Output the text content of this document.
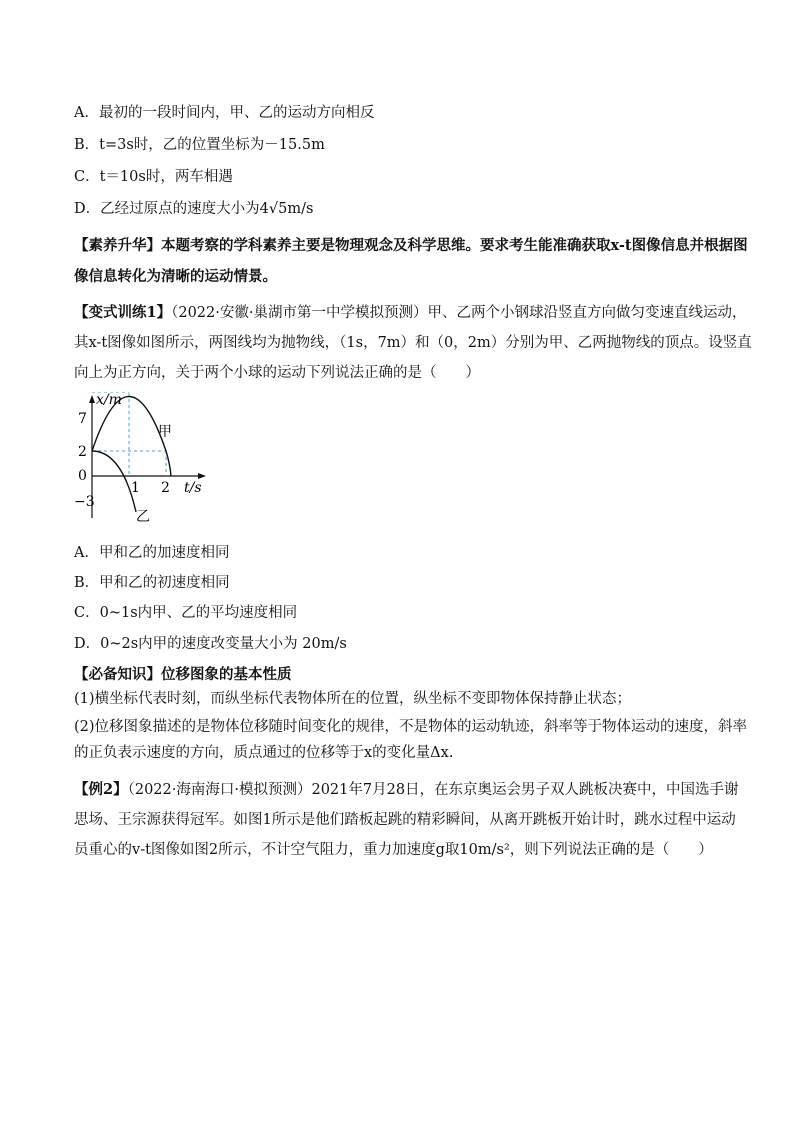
A．最初的一段时间内，甲、乙的运动方向相反
B．t=3s时，乙的位置坐标为－15.5m
C．t＝10s时，两车相遇
D．乙经过原点的速度大小为4√5m/s
【素养升华】本题考察的学科素养主要是物理观念及科学思维。要求考生能准确获取x-t图像信息并根据图
像信息转化为清晰的运动情景。
【变式训练1】（2022·安徽·巢湖市第一中学模拟预测）甲、乙两个小钢球沿竖直方向做匀变速直线运动，
其x-t图像如图所示，两图线均为抛物线，（1s，7m）和（0，2m）分别为甲、乙两抛物线的顶点。设竖直
向上为正方向，关于两个小球的运动下列说法正确的是（　　）
x/m
7
2
0
−3
1 2 t/s
甲
乙
A．甲和乙的加速度相同
B．甲和乙的初速度相同
C．0~1s内甲、乙的平均速度相同
D．0~2s内甲的速度改变量大小为 20m/s
【必备知识】位移图象的基本性质
(1)横坐标代表时刻，而纵坐标代表物体所在的位置，纵坐标不变即物体保持静止状态；
(2)位移图象描述的是物体位移随时间变化的规律，不是物体的运动轨迹，斜率等于物体运动的速度，斜率
的正负表示速度的方向，质点通过的位移等于x的变化量Δx.
【例2】（2022·海南海口·模拟预测）2021年7月28日，在东京奥运会男子双人跳板决赛中，中国选手谢
思场、王宗源获得冠军。如图1所示是他们踏板起跳的精彩瞬间，从离开跳板开始计时，跳水过程中运动
员重心的v-t图像如图2所示，不计空气阻力，重力加速度g取10m/s²，则下列说法正确的是（　　）
